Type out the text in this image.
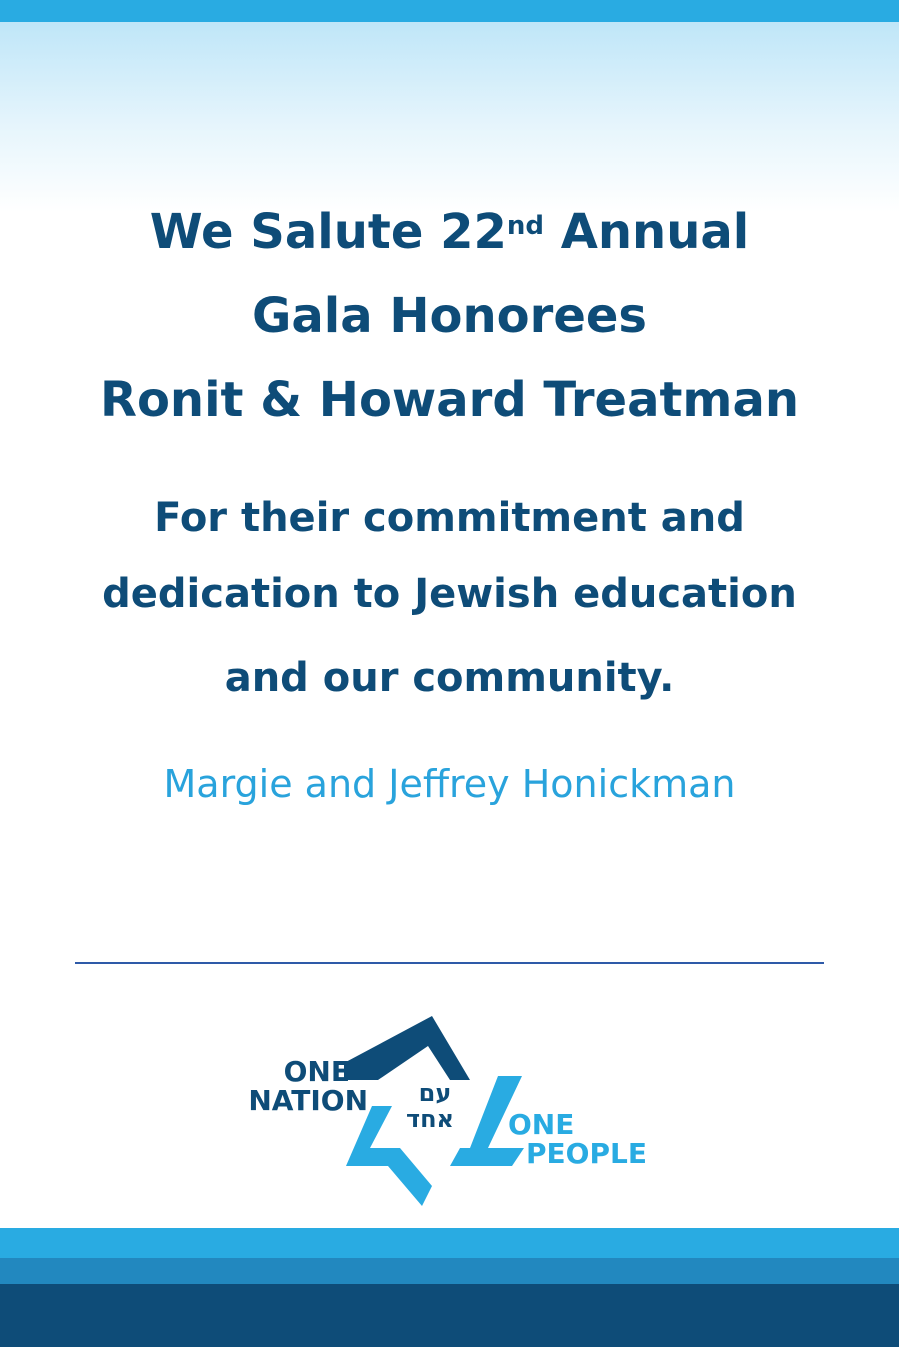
We Salute 22nd Annual
Gala Honorees
Ronit & Howard Treatman
For their commitment and
dedication to Jewish education
and our community.
Margie and Jeffrey Honickman
ONE
NATION
ONE
PEOPLE
עם
אחד
